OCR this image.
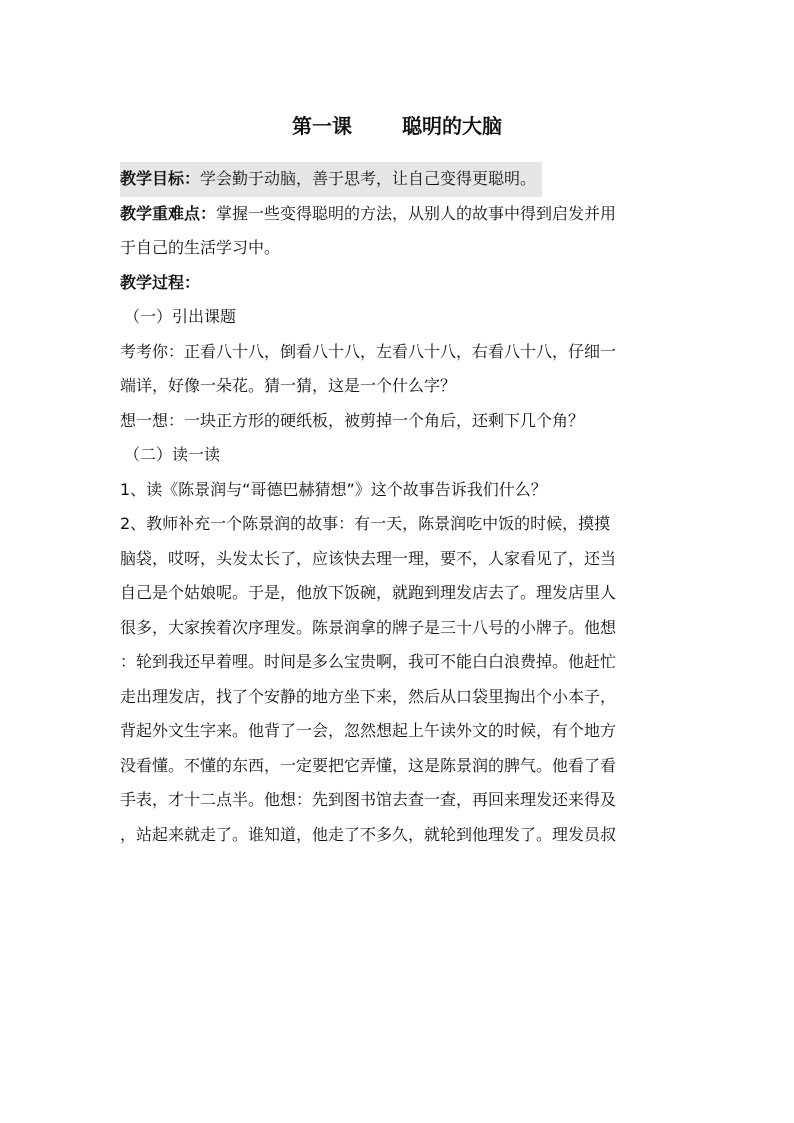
第一课	聪明的大脑
教学目标：学会勤于动脑，善于思考，让自己变得更聪明。
教学重难点：掌握一些变得聪明的方法，从别人的故事中得到启发并用
于自己的生活学习中。
教学过程：
（一）引出课题
考考你：正看八十八，倒看八十八，左看八十八，右看八十八，仔细一
端详，好像一朵花。猜一猜，这是一个什么字？
想一想：一块正方形的硬纸板，被剪掉一个角后，还剩下几个角？
（二）读一读
1、读《陈景润与“哥德巴赫猜想”》这个故事告诉我们什么？
2、教师补充一个陈景润的故事：有一天，陈景润吃中饭的时候，摸摸
脑袋，哎呀，头发太长了，应该快去理一理，要不，人家看见了，还当
自己是个姑娘呢。于是，他放下饭碗，就跑到理发店去了。理发店里人
很多，大家挨着次序理发。陈景润拿的牌子是三十八号的小牌子。他想
：轮到我还早着哩。时间是多么宝贵啊，我可不能白白浪费掉。他赶忙
走出理发店，找了个安静的地方坐下来，然后从口袋里掏出个小本子，
背起外文生字来。他背了一会，忽然想起上午读外文的时候，有个地方
没看懂。不懂的东西，一定要把它弄懂，这是陈景润的脾气。他看了看
手表，才十二点半。他想：先到图书馆去查一查，再回来理发还来得及
，站起来就走了。谁知道，他走了不多久，就轮到他理发了。理发员叔
